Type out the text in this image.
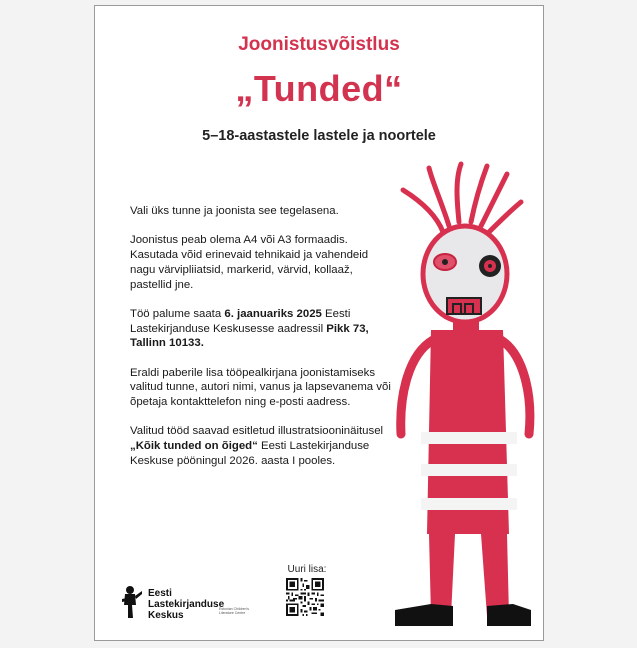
Joonistusvõistlus
„Tunded“
5–18-aastastele lastele ja noortele

Vali üks tunne ja joonista see tegelasena.

Joonistus peab olema A4 või A3 formaadis. Kasutada võid erinevaid tehnikaid ja vahendeid nagu värvipliiatsid, markerid, värvid, kollaaž, pastellid jne.

Töö palume saata 6. jaanuariks 2025 Eesti Lastekirjanduse Keskusesse aadressil Pikk 73, Tallinn 10133.

Eraldi paberile lisa tööpealkirjana joonistamiseks valitud tunne, autori nimi, vanus ja lapsevanema või õpetaja kontakttelefon ning e-posti aadress.

Valitud tööd saavad esitletud illustratsiooninäitusel „Kõik tunded on õiged“ Eesti Lastekirjanduse Keskuse pööningul 2026. aasta I pooles.

Eesti
Lastekirjanduse
Keskus
Estonian Children's Literature Centre
Uuri lisa:
